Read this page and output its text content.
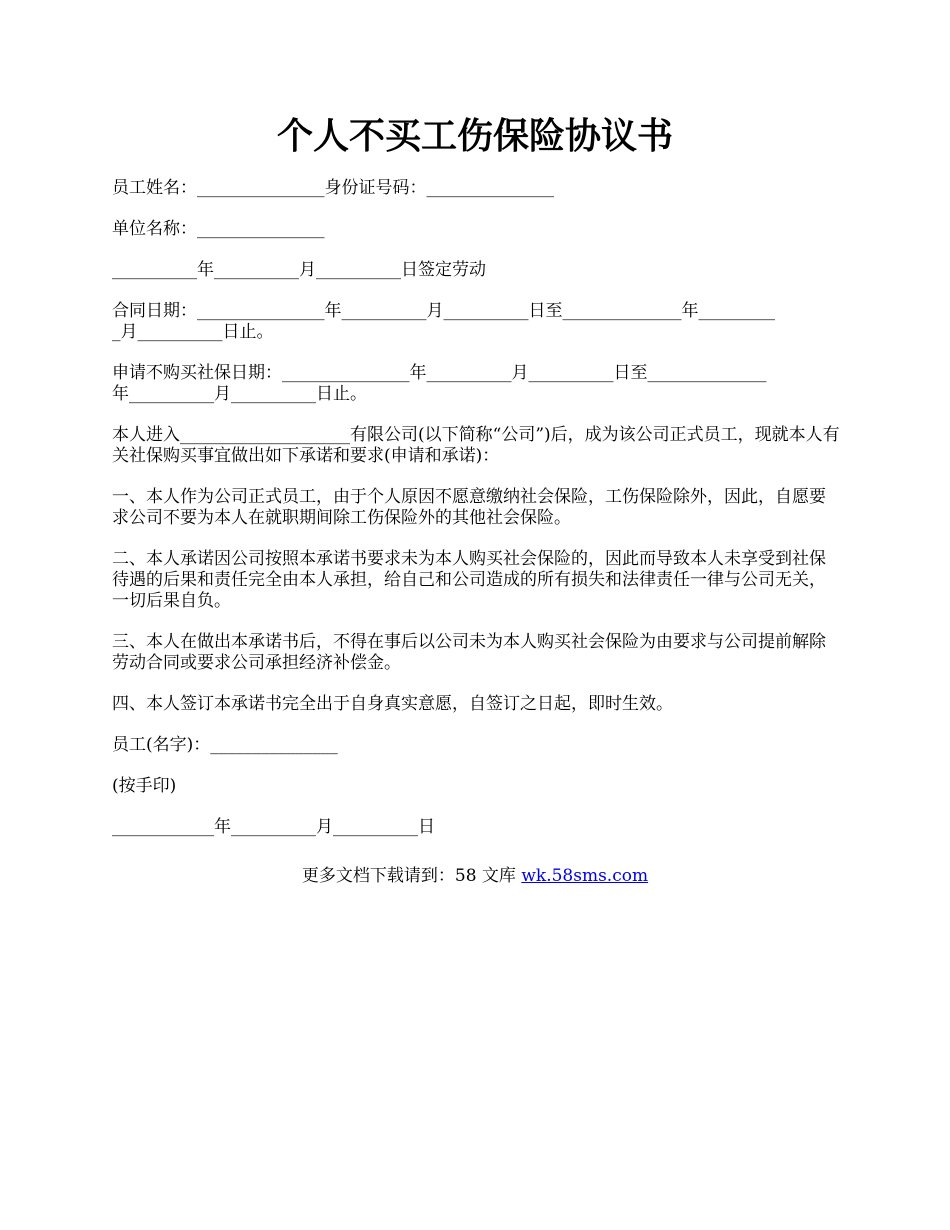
个人不买工伤保险协议书

员工姓名：_______________身份证号码：_______________

单位名称：_______________

__________年__________月__________日签定劳动

合同日期：_______________年__________月__________日至______________年_________
_月__________日止。

申请不购买社保日期：_______________年__________月__________日至______________
年__________月__________日止。

本人进入____________________有限公司(以下简称“公司”)后，成为该公司正式员工，现就本人有关社保购买事宜做出如下承诺和要求(申请和承诺)：

一、本人作为公司正式员工，由于个人原因不愿意缴纳社会保险，工伤保险除外，因此，自愿要求公司不要为本人在就职期间除工伤保险外的其他社会保险。

二、本人承诺因公司按照本承诺书要求未为本人购买社会保险的，因此而导致本人未享受到社保待遇的后果和责任完全由本人承担，给自己和公司造成的所有损失和法律责任一律与公司无关，一切后果自负。

三、本人在做出本承诺书后，不得在事后以公司未为本人购买社会保险为由要求与公司提前解除劳动合同或要求公司承担经济补偿金。

四、本人签订本承诺书完全出于自身真实意愿，自签订之日起，即时生效。

员工(名字)：_______________

(按手印)

____________年__________月__________日

更多文档下载请到：58 文库 wk.58sms.com
